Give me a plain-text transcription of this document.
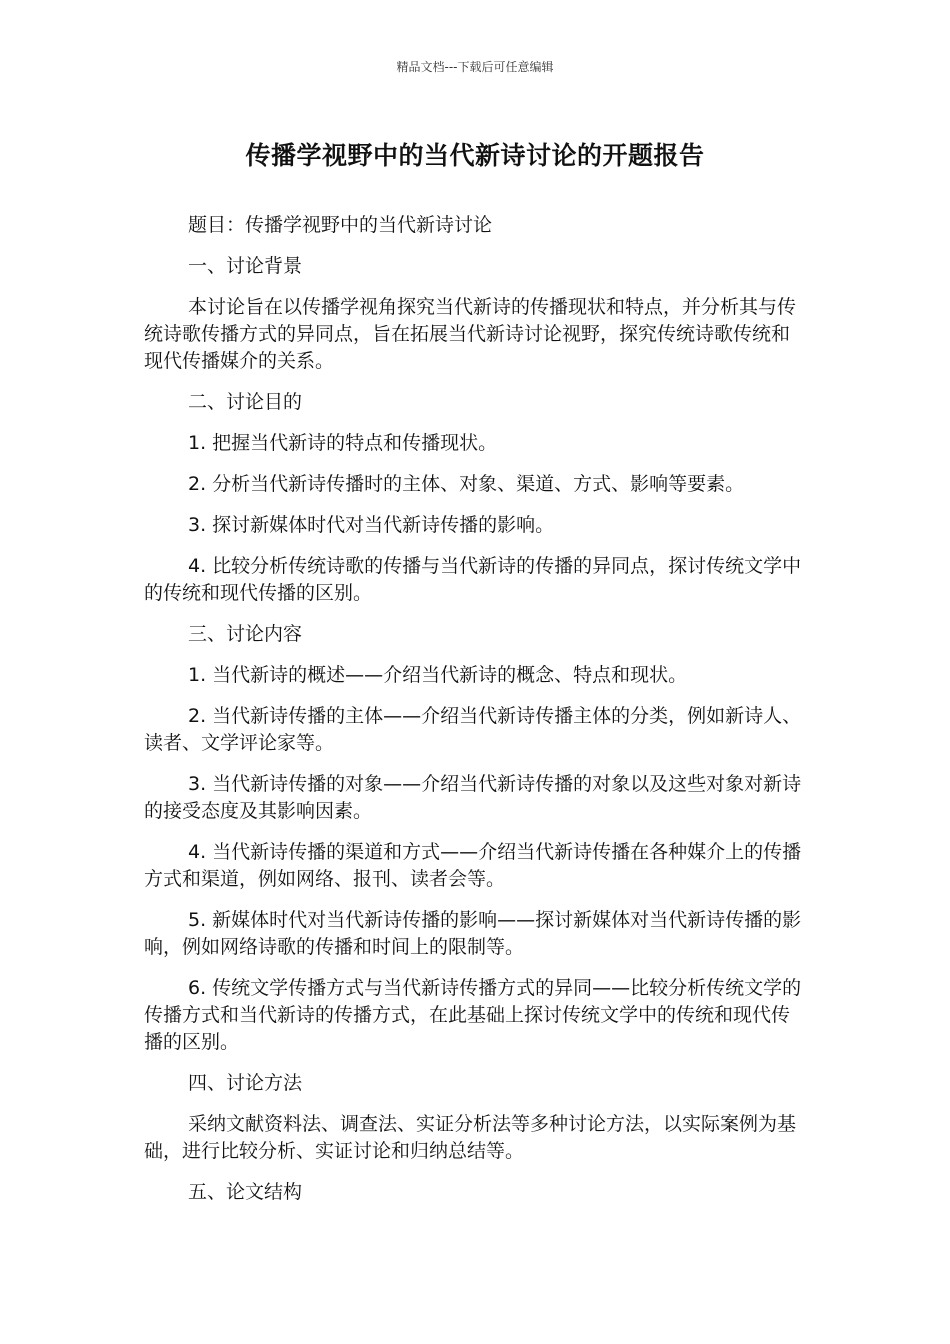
精品文档---下载后可任意编辑
传播学视野中的当代新诗讨论的开题报告

题目：传播学视野中的当代新诗讨论

一、讨论背景

本讨论旨在以传播学视角探究当代新诗的传播现状和特点，并分析其与传统诗歌传播方式的异同点，旨在拓展当代新诗讨论视野，探究传统诗歌传统和现代传播媒介的关系。

二、讨论目的

1. 把握当代新诗的特点和传播现状。

2. 分析当代新诗传播时的主体、对象、渠道、方式、影响等要素。

3. 探讨新媒体时代对当代新诗传播的影响。

4. 比较分析传统诗歌的传播与当代新诗的传播的异同点，探讨传统文学中的传统和现代传播的区别。

三、讨论内容

1. 当代新诗的概述——介绍当代新诗的概念、特点和现状。

2. 当代新诗传播的主体——介绍当代新诗传播主体的分类，例如新诗人、读者、文学评论家等。

3. 当代新诗传播的对象——介绍当代新诗传播的对象以及这些对象对新诗的接受态度及其影响因素。

4. 当代新诗传播的渠道和方式——介绍当代新诗传播在各种媒介上的传播方式和渠道，例如网络、报刊、读者会等。

5. 新媒体时代对当代新诗传播的影响——探讨新媒体对当代新诗传播的影响，例如网络诗歌的传播和时间上的限制等。

6. 传统文学传播方式与当代新诗传播方式的异同——比较分析传统文学的传播方式和当代新诗的传播方式，在此基础上探讨传统文学中的传统和现代传播的区别。

四、讨论方法

采纳文献资料法、调查法、实证分析法等多种讨论方法，以实际案例为基础，进行比较分析、实证讨论和归纳总结等。

五、论文结构
